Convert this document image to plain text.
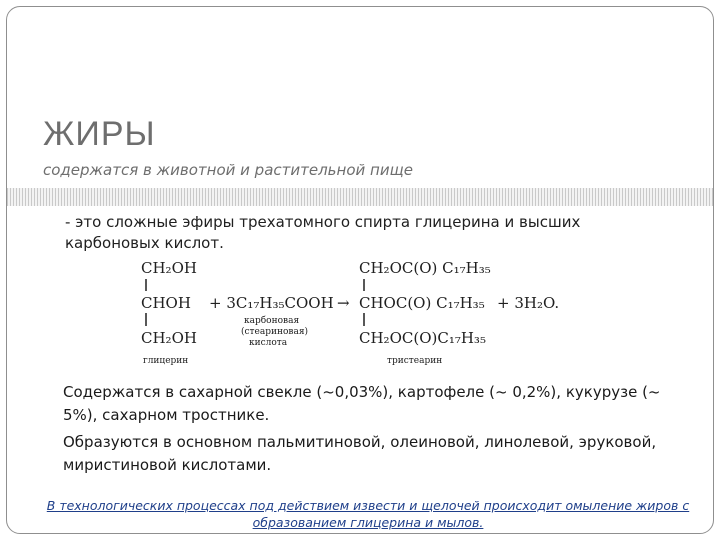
ЖИРЫ
содержатся в животной и растительной пище
- это сложные эфиры трехатомного спирта глицерина и высших карбоновых кислот.
CH₂OH
CHOH
CH₂OH
глицерин
+ 3C₁₇H₃₅COOH
карбоновая
(стеариновая)
кислота
→
CH₂OC(O) C₁₇H₃₅
CHOC(O) C₁₇H₃₅
CH₂OC(O)C₁₇H₃₅
тристеарин
+ 3H₂O.

Содержатся в сахарной свекле (~0,03%), картофеле (~ 0,2%), кукурузе (~ 5%), сахарном тростнике.

Образуются в основном пальмитиновой, олеиновой, линолевой, эруковой, миристиновой кислотами.

В технологических процессах под действием извести и щелочей происходит омыление жиров с образованием глицерина и мылов.
